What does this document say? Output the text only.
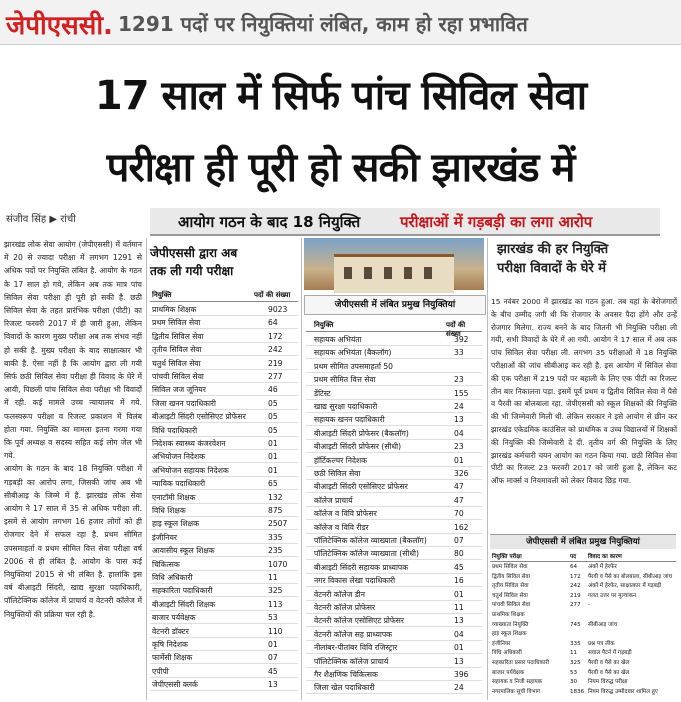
जेपीएससी. 1291 पदों पर नियुक्तियां लंबित, काम हो रहा प्रभावित
17 साल में सिर्फ पांच सिविल सेवा
परीक्षा ही पूरी हो सकी झारखंड में
संजीव सिंह ▶ रांची	आयोग गठन के बाद 18 नियुक्ति	परीक्षाओं में गड़बड़ी का लगा आरोप
झारखंड लोक सेवा आयोग (जेपीएससी) में वर्तमान में 20 से ज्यादा परीक्षा में लगभग 1291 से अधिक पदों पर नियुक्ति लंबित है. आयोग के गठन के 17 साल हो गये, लेकिन अब तक मात्र पांच सिविल सेवा परीक्षा ही पूरी हो सकी है. छठी सिविल सेवा के तहत प्रारंभिक परीक्षा (पीटी) का रिजल्ट फरवरी 2017 में ही जारी हुआ, लेकिन विवादों के कारण मुख्य परीक्षा अब तक संभव नहीं हो सकी है. मुख्य परीक्षा के बाद साक्षात्कार भी बाकी है. ऐसा नहीं है कि आयोग द्वारा ली गयी सिर्फ छठी सिविल सेवा परीक्षा ही विवाद के घेरे में आयी, पिछली पांच सिविल सेवा परीक्षा भी विवादों में रही. कई मामले उच्च न्यायालय में गये. फलस्वरूप परीक्षा व रिजल्ट प्रकाशन में विलंब होता गया. नियुक्ति का मामला इतना गरमा गया कि पूर्व अध्यक्ष व सदस्य सहित कई लोग जेल भी गये.
आयोग के गठन के बाद 18 नियुक्ति परीक्षा में गड़बड़ी का आरोप लगा, जिसकी जांच अब भी सीबीआइ के जिम्मे में है. झारखंड लोक सेवा आयोग ने 17 साल में 35 से अधिक परीक्षा ली. इसमें से आयोग लगभग 16 हजार लोगों को ही रोजगार देने में सफल रहा है. प्रथम सीमित उपसमाहर्ता व प्रथम सीमित वित्त सेवा परीक्षा वर्ष 2006 से ही लंबित है. आयोग के पास कई नियुक्तियां 2015 से भी लंबित है. हालांकि इस वर्ष बीआइटी सिंदरी, खाद्य सुरक्षा पदाधिकारी, पॉलिटेक्निक कॉलेज में प्राचार्य व वेटनरी कॉलेज में नियुक्तियों की प्रक्रिया चल रही है.
जेपीएससी द्वारा अब
तक ली गयी परीक्षा
नियुक्ति	पदों की संख्या
प्राथमिक शिक्षक	9023
प्रथम सिविल सेवा	64
द्वितीय सिविल सेवा	172
तृतीय सिविल सेवा	242
चतुर्थ सिविल सेवा	219
पांचवी सिविल सेवा	277
सिविल जज जूनियर	46
जिला खनन पदाधिकारी	05
बीआइटी सिंदरी एसोसिएट प्रोफेसर	05
विधि पदाधिकारी	05
निदेशक स्वास्थ्य कंजरवेशन	01
अभियोजन निदेशक	01
अभियोजन सहायक निदेशक	01
न्यायिक पदाधिकारी	65
एनाटॉमी शिक्षक	132
विधि शिक्षक	875
हाइ स्कूल शिक्षक	2507
इंजीनियर	335
आवासीय स्कूल शिक्षक	235
चिकित्सक	1070
विधि अधिकारी	11
सहकारिता पदाधिकारी	325
बीआइटी सिंदरी शिक्षक	113
बाजार पर्यवेक्षक	53
वेटनरी डॉक्टर	110
कृषि निदेशक	01
फार्मेसी शिक्षक	07
एपीपी	45
जेपीएससी क्लर्क	13
जेपीएससी में लंबित प्रमुख नियुक्तियां
नियुक्ति	पदों की संख्या
सहायक अभियंता	392
सहायक अभियंता (बैकलॉग)	33
प्रथम सीमित उपसमाहर्ता 50
प्रथम सीमित वित्त सेवा	23
डेंटिस्ट	155
खाद्य सुरक्षा पदाधिकारी	24
सहायक खनन पदाधिकारी	13
बीआइटी सिंदरी प्रोफेसर (बैकलॉग)	04
बीआइटी सिंदरी प्रोफेसर (सीधी)	23
हॉर्टिकल्चर निदेशक	01
छठी सिविल सेवा	326
बीआइटी सिंदरी एसोसिएट प्रोफेसर	47
कॉलेज प्राचार्य	47
कॉलेज व विवि प्रोफेसर	70
कॉलेज व विवि रीडर	162
पॉलिटेक्निक कॉलेज व्याख्याता (बैकलॉग)	07
पॉलिटेक्निक कॉलेज व्याख्याता (सीधी)	80
बीआइटी सिंदरी सहायक प्राध्यापक	45
नगर विकास लेखा पदाधिकारी	16
वेटनरी कॉलेज डीन	01
वेटनरी कॉलेज प्रोफेसर	11
वेटनरी कॉलेज एसोसिएट प्रोफेसर	13
वेटनरी कॉलेज सह प्राध्यापक	04
नीलांबर-पीतांबर विवि रजिस्ट्रार	01
पॉलिटेक्निक कॉलेज प्राचार्य	13
गैर शैक्षणिक चिकित्सक	396
जिला खेल पदाधिकारी	24
झारखंड की हर नियुक्ति
परीक्षा विवादों के घेरे में
15 नवंबर 2000 में झारखंड का गठन हुआ. तब यहां के बेरोजगारों के बीच उम्मीद जगी थी कि रोजगार के अवसर पैदा होंगे और उन्हें रोजगार मिलेगा. राज्य बनने के बाद जितनी भी नियुक्ति परीक्षा ली गयी, सभी विवादों के घेरे में आ गयी. आयोग ने 17 साल में अब तक पांच सिविल सेवा परीक्षा ली. लगभग 35 परीक्षाओं में 18 नियुक्ति परीक्षाओं की जांच सीबीआइ कर रही है. इस आयोग में सिविल सेवा की एक परीक्षा में 219 पदों पर बहाली के लिए एक पीटी का रिजल्ट तीन बार निकालना पड़ा. इसमें पूर्व प्रथम व द्वितीय सिविल सेवा में पैसे व पैरवी का बोलबाला रहा. जेपीएससी को स्कूल शिक्षकों की नियुक्ति की भी जिम्मेवारी मिली थी. लेकिन सरकार ने इसे आयोग से छीन कर झारखंड एकेडमिक काउंसिल को प्राथमिक व उच्च विद्यालयों में शिक्षकों की नियुक्ति की जिम्मेवारी दे दी. तृतीय वर्ग की नियुक्ति के लिए झारखंड कर्मचारी चयन आयोग का गठन किया गया. छठी सिविल सेवा पीटी का रिजल्ट 23 फरवरी 2017 को जारी हुआ है, लेकिन कट ऑफ मार्क्स व नियमावली को लेकर विवाद छिड़ गया.
जेपीएससी में लंबित प्रमुख नियुक्तियां
नियुक्ति परीक्षा	पद विवाद का कारण
प्रथम सिविल सेवा	64 अंकों में हेरफेर
द्वितीय सिविल सेवा	172 पैरवी व पैसे का बोलबाला, सीबीआइ जांच
तृतीय सिविल सेवा	242 अंकों में हेरफेर, साक्षात्कार में गड़बड़ी
चतुर्थ सिविल सेवा	219 गलत उत्तर पर मूल्यांकन
पांचवी सिविल सेवा	277 -
प्राथमिक शिक्षक
व्याख्याता नियुक्ति	745 सीबीआइ जांच
हाइ स्कूल शिक्षक
इंजीनियर	335 प्रश्न पत्र लीक
विधि अधिकारी	11 सवाल पैटर्न में गड़बड़ी
सहकारिता प्रसार पदाधिकारी	325 पैरवी व पैसे का खेल
बाजार पर्यवेक्षक	53 पैरवी व पैसे का खेल
सहायक व निजी सहायक	30 नियम विरुद्ध परीक्षा
नगरपालिक सूची विभाग	1836 नियम विरुद्ध उम्मीदवार शामिल हुए
